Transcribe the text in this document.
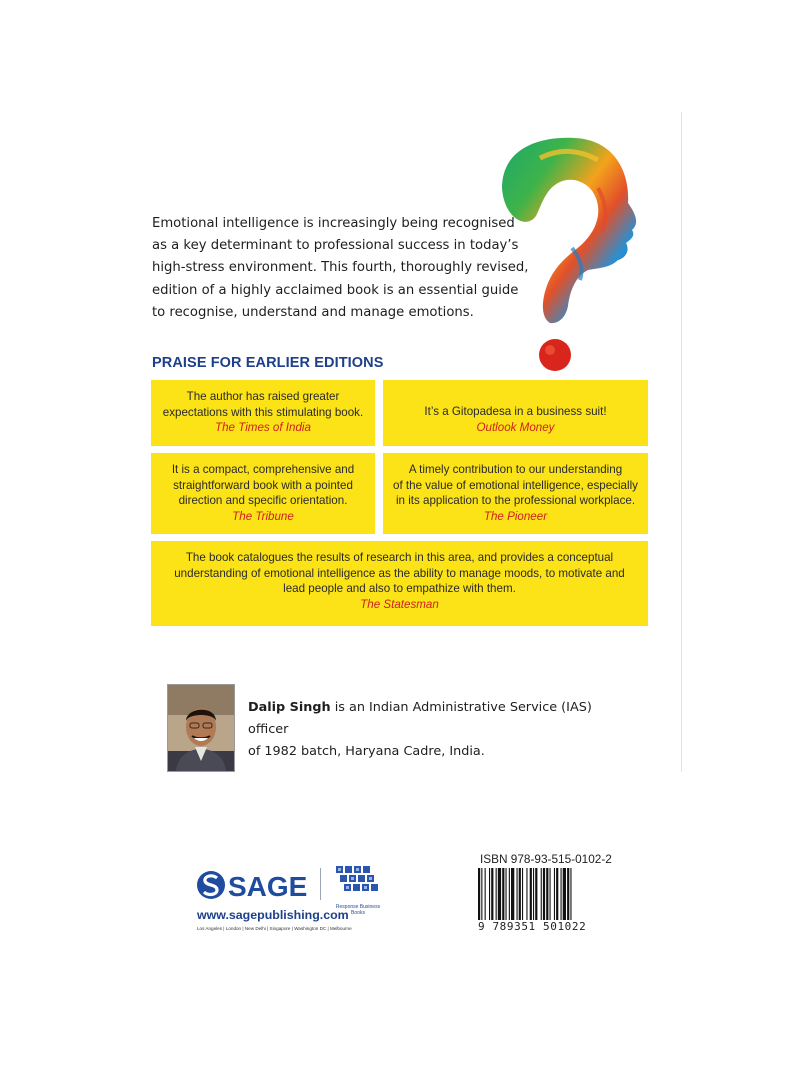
Emotional intelligence is increasingly being recognised
as a key determinant to professional success in today’s
high-stress environment. This fourth, thoroughly revised,
edition of a highly acclaimed book is an essential guide
to recognise, understand and manage emotions.
PRAISE FOR EARLIER EDITIONS
The author has raised greater
expectations with this stimulating book.
The Times of India
It’s a Gitopadesa in a business suit!
Outlook Money
It is a compact, comprehensive and
straightforward book with a pointed
direction and specific orientation.
The Tribune
A timely contribution to our understanding
of the value of emotional intelligence, especially
in its application to the professional workplace.
The Pioneer
The book catalogues the results of research in this area, and provides a conceptual
understanding of emotional intelligence as the ability to manage moods, to motivate and
lead people and also to empathize with them.
The Statesman
Dalip Singh is an Indian Administrative Service (IAS) officer
of 1982 batch, Haryana Cadre, India.
SAGE
Response Business Books
www.sagepublishing.com
Los Angeles | London | New Delhi | Singapore | Washington DC | Melbourne
ISBN 978-93-515-0102-2
9 789351 501022
